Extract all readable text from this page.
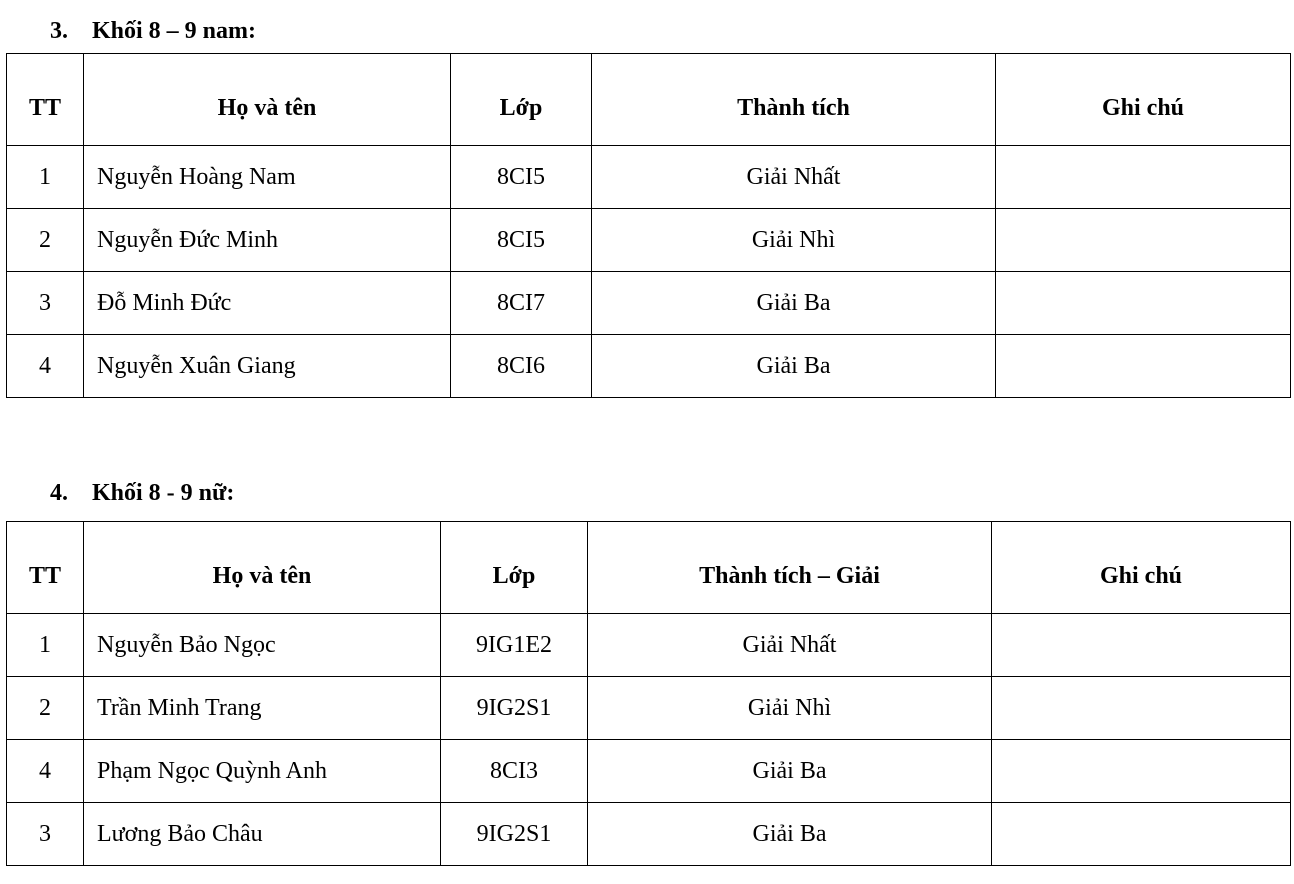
3. Khối 8 – 9 nam:
TT	Họ và tên	Lớp	Thành tích	Ghi chú
1	Nguyễn Hoàng Nam	8CI5	Giải Nhất	
2	Nguyễn Đức Minh	8CI5	Giải Nhì	
3	Đỗ Minh Đức	8CI7	Giải Ba	
4	Nguyễn Xuân Giang	8CI6	Giải Ba	
4. Khối 8 - 9 nữ:
TT	Họ và tên	Lớp	Thành tích – Giải	Ghi chú
1	Nguyễn Bảo Ngọc	9IG1E2	Giải Nhất	
2	Trần Minh Trang	9IG2S1	Giải Nhì	
4	Phạm Ngọc Quỳnh Anh	8CI3	Giải Ba	
3	Lương Bảo Châu	9IG2S1	Giải Ba	
